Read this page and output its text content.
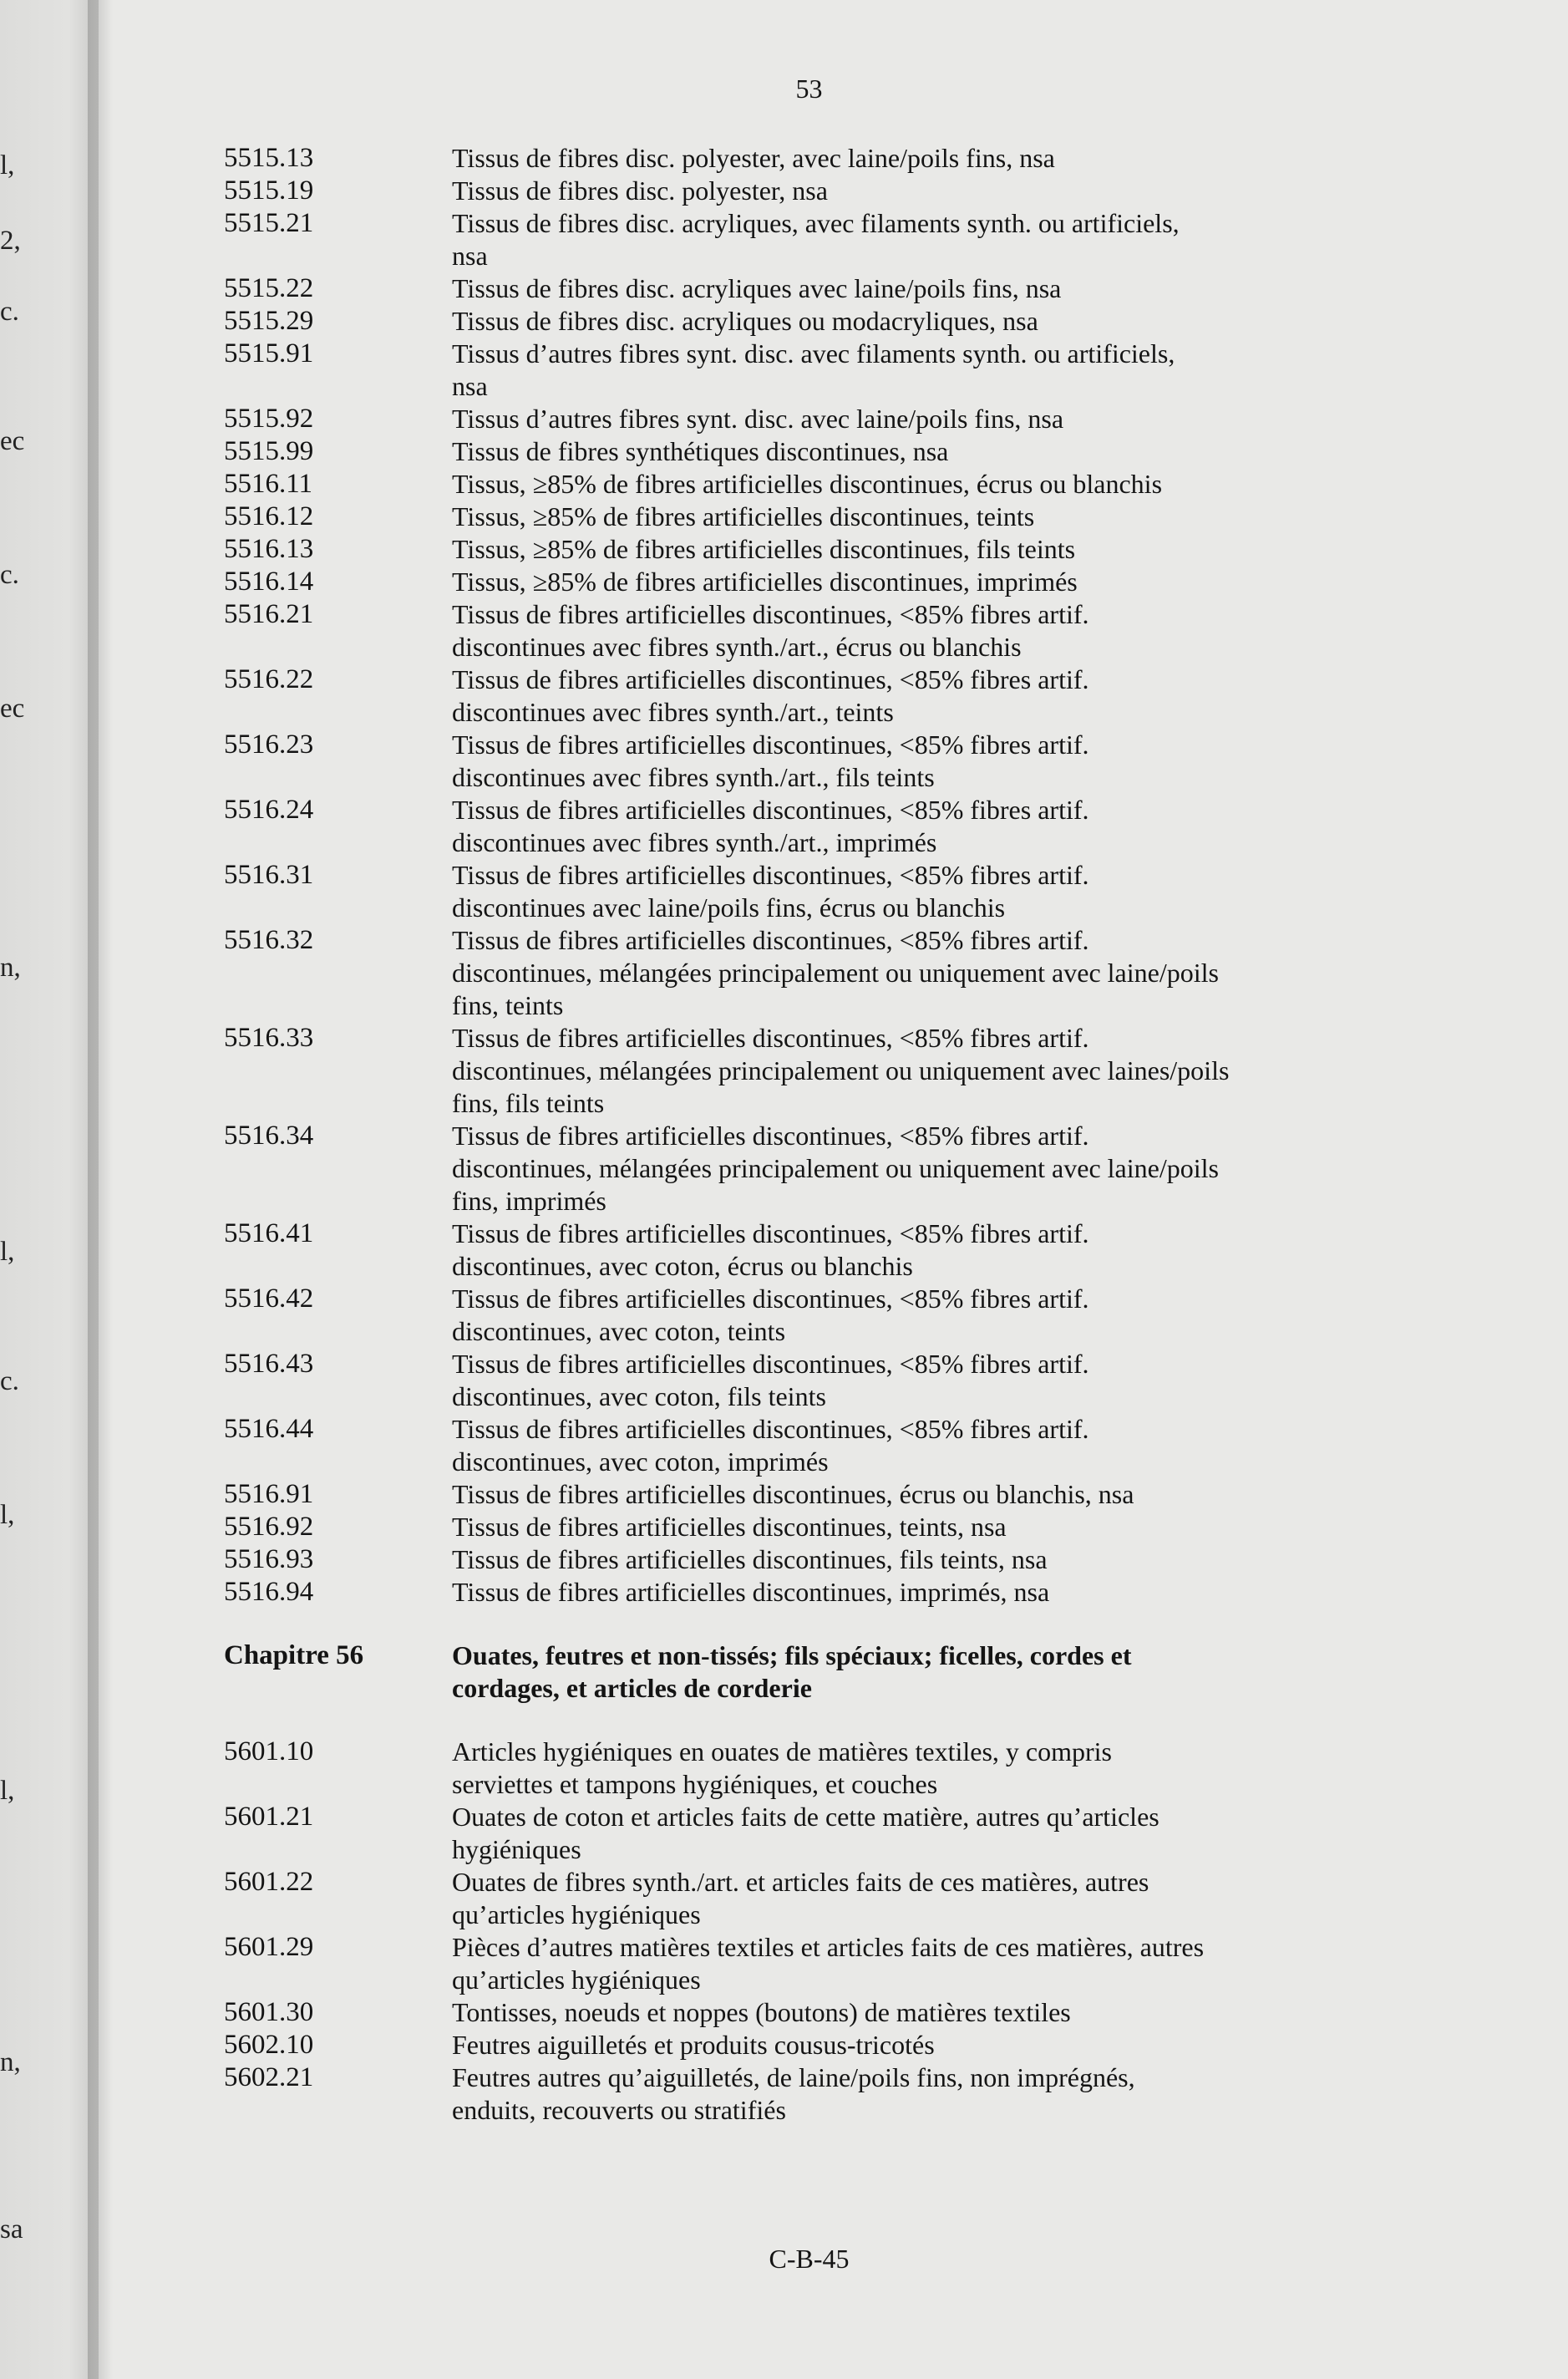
l,
2,
c.
ec
c.
ec
n,
l,
c.
l,
l,
n,
sa
53
5515.13	Tissus de fibres disc. polyester, avec laine/poils fins, nsa
5515.19	Tissus de fibres disc. polyester, nsa
5515.21	Tissus de fibres disc. acryliques, avec filaments synth. ou artificiels,
nsa
5515.22	Tissus de fibres disc. acryliques avec laine/poils fins, nsa
5515.29	Tissus de fibres disc. acryliques ou modacryliques, nsa
5515.91	Tissus d’autres fibres synt. disc. avec filaments synth. ou artificiels,
nsa
5515.92	Tissus d’autres fibres synt. disc. avec laine/poils fins, nsa
5515.99	Tissus de fibres synthétiques discontinues, nsa
5516.11	Tissus, ≥85% de fibres artificielles discontinues, écrus ou blanchis
5516.12	Tissus, ≥85% de fibres artificielles discontinues, teints
5516.13	Tissus, ≥85% de fibres artificielles discontinues, fils teints
5516.14	Tissus, ≥85% de fibres artificielles discontinues, imprimés
5516.21	Tissus de fibres artificielles discontinues, <85% fibres artif.
discontinues avec fibres synth./art., écrus ou blanchis
5516.22	Tissus de fibres artificielles discontinues, <85% fibres artif.
discontinues avec fibres synth./art., teints
5516.23	Tissus de fibres artificielles discontinues, <85% fibres artif.
discontinues avec fibres synth./art., fils teints
5516.24	Tissus de fibres artificielles discontinues, <85% fibres artif.
discontinues avec fibres synth./art., imprimés
5516.31	Tissus de fibres artificielles discontinues, <85% fibres artif.
discontinues avec laine/poils fins, écrus ou blanchis
5516.32	Tissus de fibres artificielles discontinues, <85% fibres artif.
discontinues, mélangées principalement ou uniquement avec laine/poils
fins, teints
5516.33	Tissus de fibres artificielles discontinues, <85% fibres artif.
discontinues, mélangées principalement ou uniquement avec laines/poils
fins, fils teints
5516.34	Tissus de fibres artificielles discontinues, <85% fibres artif.
discontinues, mélangées principalement ou uniquement avec laine/poils
fins, imprimés
5516.41	Tissus de fibres artificielles discontinues, <85% fibres artif.
discontinues, avec coton, écrus ou blanchis
5516.42	Tissus de fibres artificielles discontinues, <85% fibres artif.
discontinues, avec coton, teints
5516.43	Tissus de fibres artificielles discontinues, <85% fibres artif.
discontinues, avec coton, fils teints
5516.44	Tissus de fibres artificielles discontinues, <85% fibres artif.
discontinues, avec coton, imprimés
5516.91	Tissus de fibres artificielles discontinues, écrus ou blanchis, nsa
5516.92	Tissus de fibres artificielles discontinues, teints, nsa
5516.93	Tissus de fibres artificielles discontinues, fils teints, nsa
5516.94	Tissus de fibres artificielles discontinues, imprimés, nsa
Chapitre 56	Ouates, feutres et non-tissés; fils spéciaux; ficelles, cordes et
cordages, et articles de corderie
5601.10	Articles hygiéniques en ouates de matières textiles, y compris
serviettes et tampons hygiéniques, et couches
5601.21	Ouates de coton et articles faits de cette matière, autres qu’articles
hygiéniques
5601.22	Ouates de fibres synth./art. et articles faits de ces matières, autres
qu’articles hygiéniques
5601.29	Pièces d’autres matières textiles et articles faits de ces matières, autres
qu’articles hygiéniques
5601.30	Tontisses, noeuds et noppes (boutons) de matières textiles
5602.10	Feutres aiguilletés et produits cousus-tricotés
5602.21	Feutres autres qu’aiguilletés, de laine/poils fins, non imprégnés,
enduits, recouverts ou stratifiés
C-B-45
